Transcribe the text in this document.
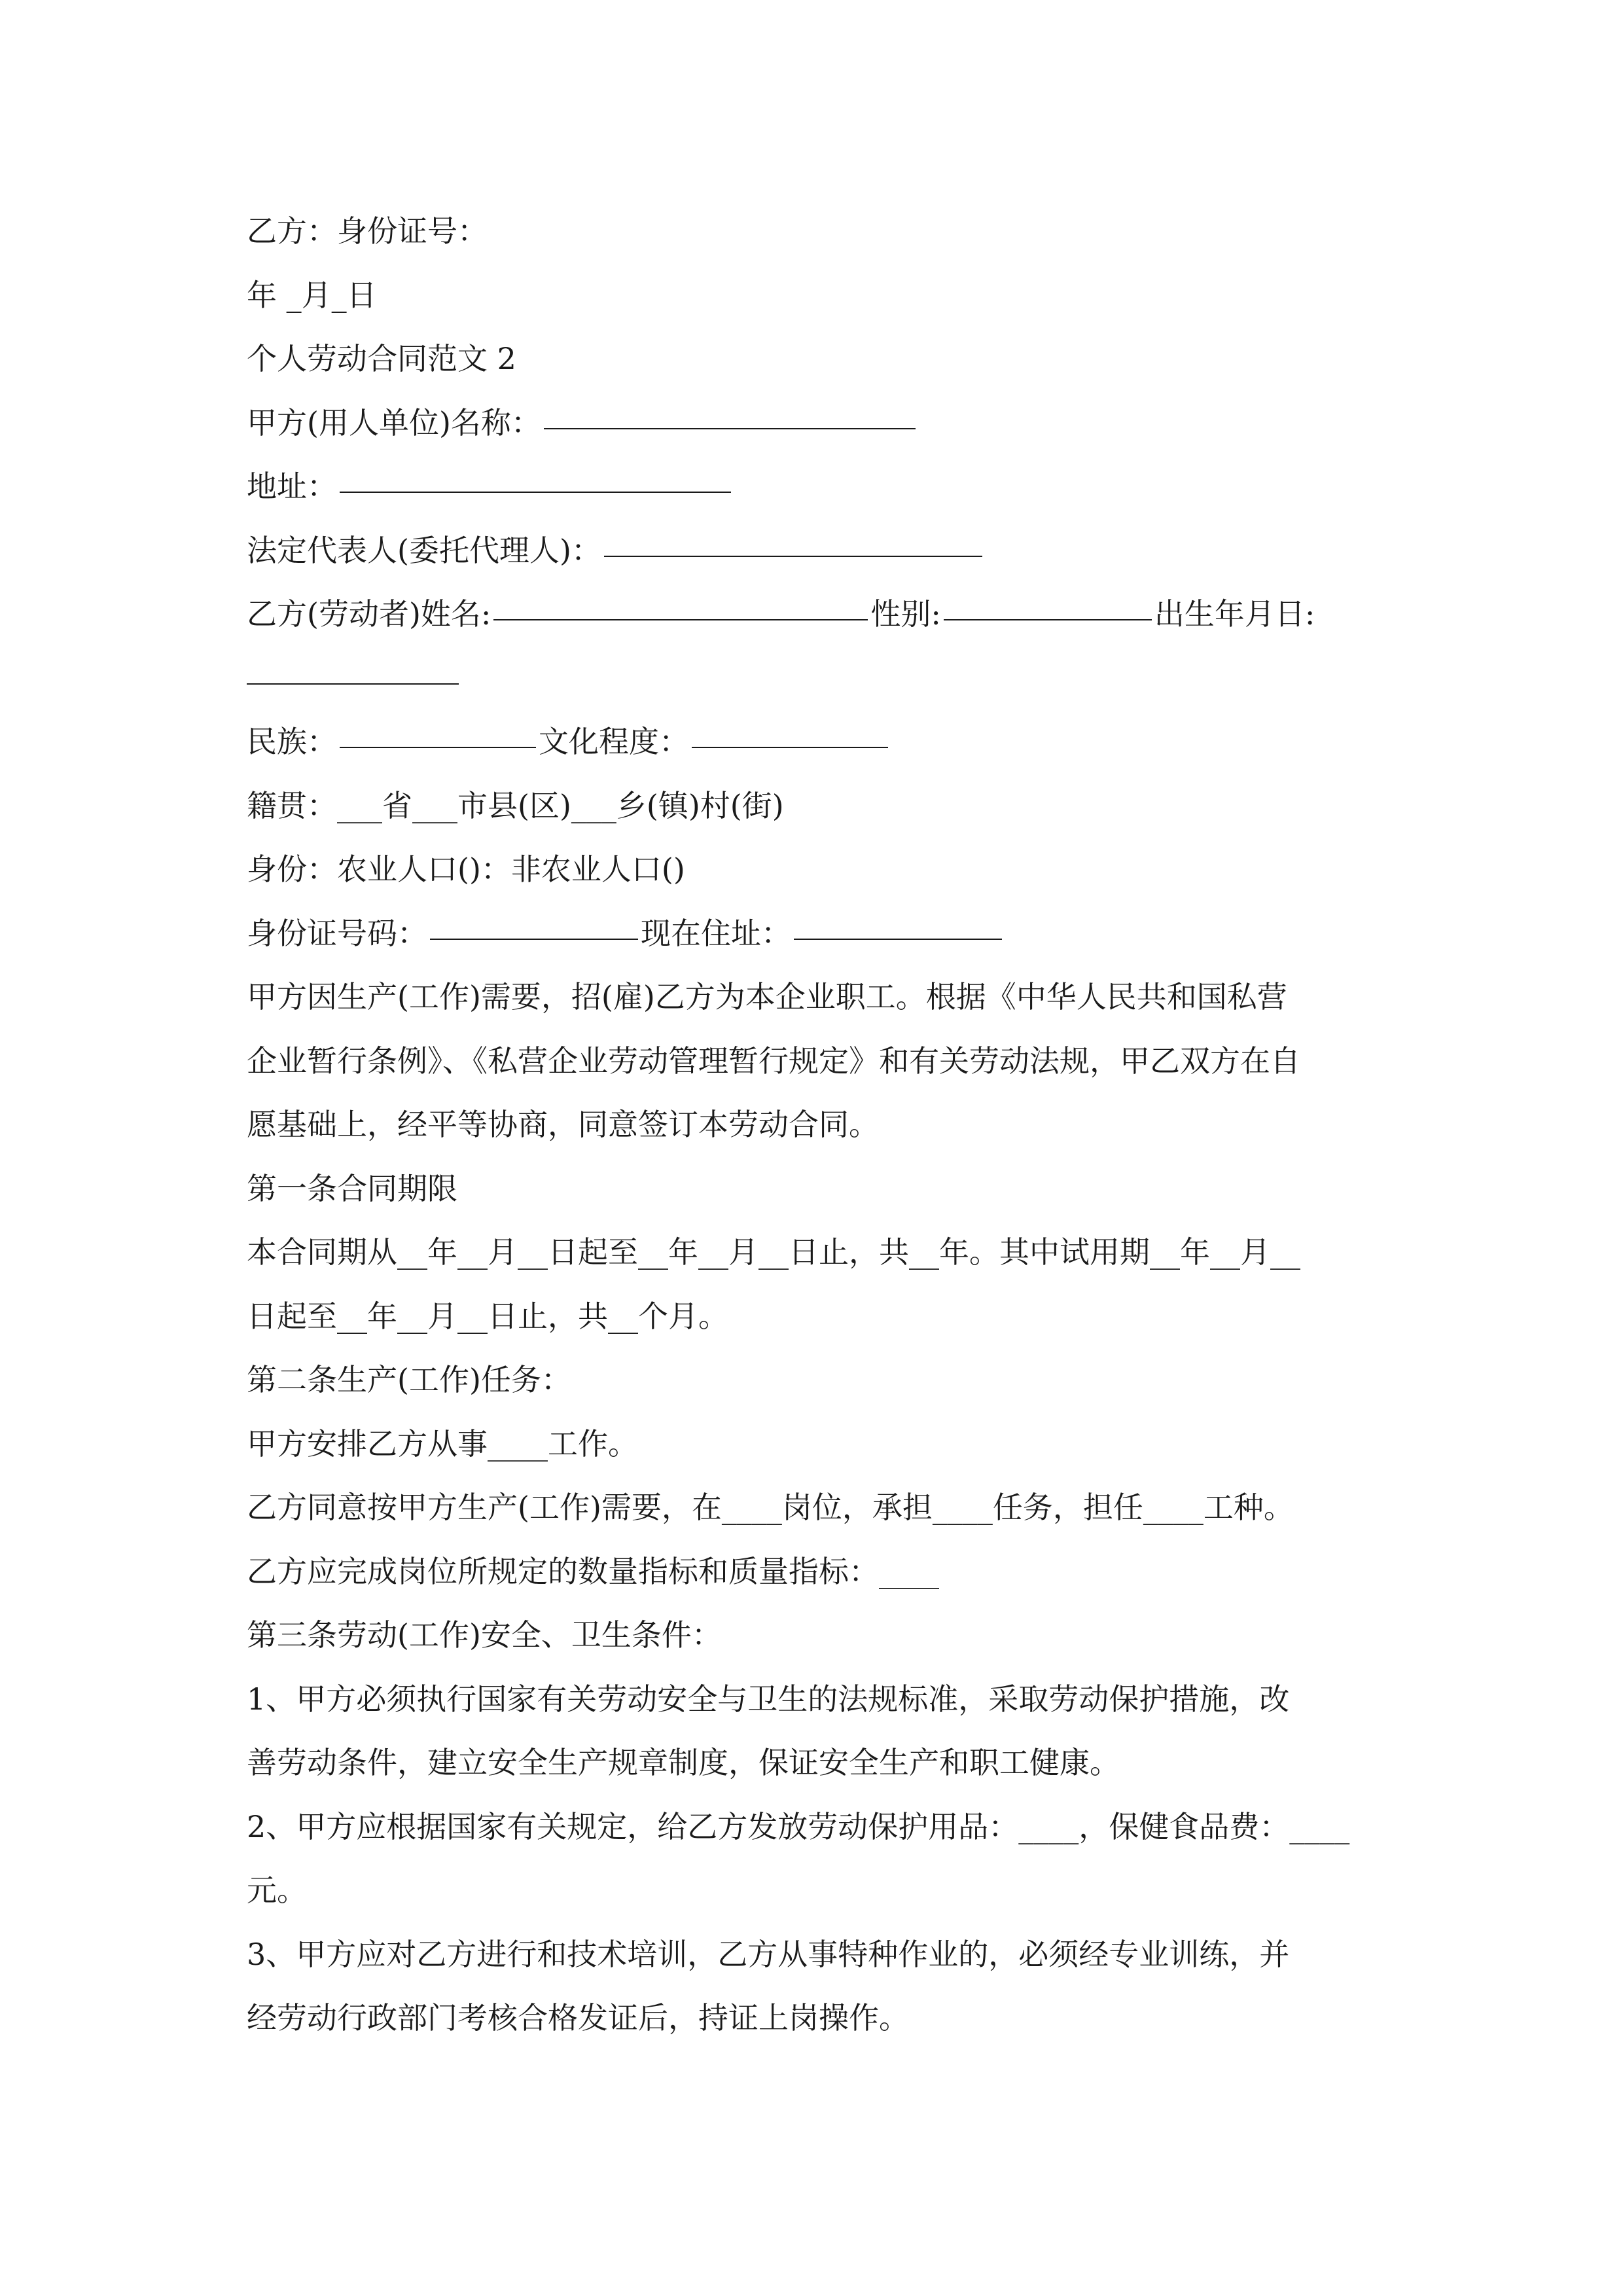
乙方：身份证号：
年 _月_日
个人劳动合同范文 2
甲方(用人单位)名称：
地址：
法定代表人(委托代理人)：
乙方(劳动者)姓名:	性别:	出生年月日:
民族：	文化程度：
籍贯：___省___市县(区)___乡(镇)村(街)
身份：农业人口()：非农业人口()
身份证号码：	现在住址：
甲方因生产(工作)需要，招(雇)乙方为本企业职工。根据《中华人民共和国私营
企业暂行条例》、《私营企业劳动管理暂行规定》和有关劳动法规，甲乙双方在自
愿基础上，经平等协商，同意签订本劳动合同。
第一条合同期限
本合同期从__年__月__日起至__年__月__日止，共__年。其中试用期__年__月__
日起至__年__月__日止，共__个月。
第二条生产(工作)任务：
甲方安排乙方从事____工作。
乙方同意按甲方生产(工作)需要，在____岗位，承担____任务，担任____工种。
乙方应完成岗位所规定的数量指标和质量指标：____
第三条劳动(工作)安全、卫生条件：
1、甲方必须执行国家有关劳动安全与卫生的法规标准，采取劳动保护措施，改
善劳动条件，建立安全生产规章制度，保证安全生产和职工健康。
2、甲方应根据国家有关规定，给乙方发放劳动保护用品：____，保健食品费：____
元。
3、甲方应对乙方进行和技术培训，乙方从事特种作业的，必须经专业训练，并
经劳动行政部门考核合格发证后，持证上岗操作。
